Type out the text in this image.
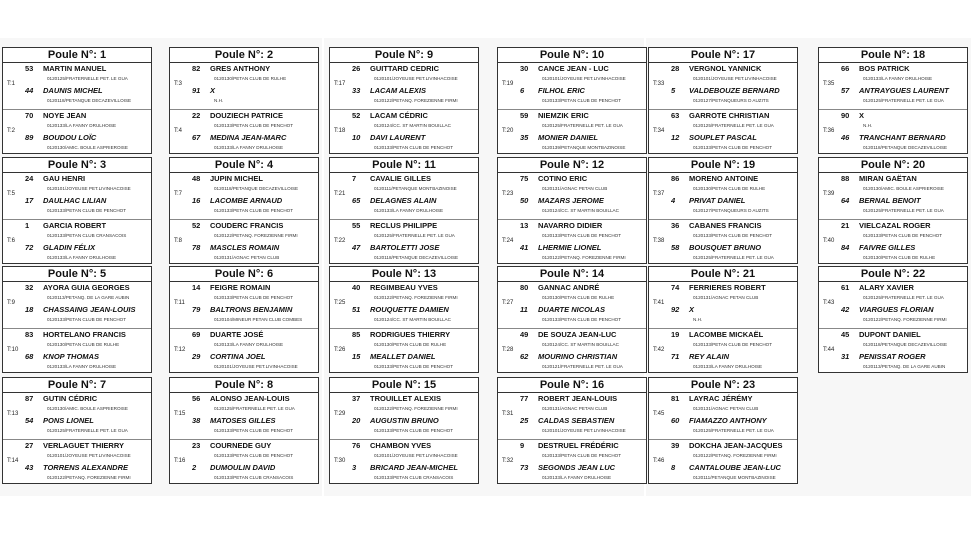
Poule N°: 1
T:1
53 MARTIN MANUEL
0120125/FRATERNELLE PET. LE GUA
44 DAUNIS MICHEL
0120118/PETANQUE DECAZEVILLOISE
T:2
70 NOYE JEAN
0120133/LA FANNY DRULHOISE
89 BOUDOU LOÏC
0120130/AMIC. BOULE ASPRIEROISE
Poule N°: 2
T:3
82 GRES ANTHONY
0120130/PETAN CLUB DE RULHE
91 X
N.H.
T:4
22 DOUZIECH PATRICE
0120133/PETAN CLUB DE PENCHOT
67 MEDINA JEAN-MARC
0120133/LA FANNY DRULHOISE
Poule N°: 9
T:17
26 GUITTARD CEDRIC
0120101/JOYEUSE PET.LIVINHACOISE
33 LACAM ALEXIS
0120122/PETANQ. FOREZIENNE FIRMI
T:18
52 LACAM CÉDRIC
0120124/CC. ST MARTIN BOUILLAC
10 DAVI LAURENT
0120133/PETAN CLUB DE PENCHOT
Poule N°: 10
T:19
30 CANCE JEAN - LUC
0120101/JOYEUSE PET.LIVINHACOISE
6 FILHOL ERIC
0120133/PETAN CLUB DE PENCHOT
T:20
59 NIEMZIK ERIC
0120125/FRATERNELLE PET. LE GUA
35 MONIER DANIEL
0120139/PETANQUE MONTBAZINOISE
Poule N°: 17
T:33
28 VERGNOL YANNICK
0120101/JOYEUSE PET.LIVINHACOISE
5 VALDEBOUZE BERNARD
0120127/PETANQUEURS D AUZITS
T:34
63 GARROTE CHRISTIAN
0120125/FRATERNELLE PET. LE GUA
12 SOUPLET PASCAL
0120133/PETAN CLUB DE PENCHOT
Poule N°: 18
T:35
66 BOS PATRICK
0120133/LA FANNY DRULHOISE
57 ANTRAYGUES LAURENT
0120125/FRATERNELLE PET. LE GUA
T:36
90 X
N.H.
46 TRANCHANT BERNARD
0120118/PETANQUE DECAZEVILLOISE
Poule N°: 3
T:5
24 GAU HENRI
0120101/JOYEUSE PET.LIVINHACOISE
17 DAULHAC LILIAN
0120133/PETAN CLUB DE PENCHOT
T:6
1 GARCIA ROBERT
0120133/PETAN CLUB CRANSACOIS
72 GLADIN FÉLIX
0120133/LA FANNY DRULHOISE
Poule N°: 4
T:7
48 JUPIN MICHEL
0120118/PETANQUE DECAZEVILLOISE
16 LACOMBE ARNAUD
0120133/PETAN CLUB DE PENCHOT
T:8
52 COUDERC FRANCIS
0120122/PETANQ. FOREZIENNE FIRMI
78 MASCLES ROMAIN
0120131/AGNAC PETAN CLUB
Poule N°: 11
T:21
7 CAVALIE GILLES
0120111/PETANQUE MONTBAZINOISE
65 DELAGNES ALAIN
0120133/LA FANNY DRULHOISE
T:22
55 RECLUS PHILIPPE
0120125/FRATERNELLE PET. LE GUA
47 BARTOLETTI JOSE
0120118/PETANQUE DECAZEVILLOISE
Poule N°: 12
T:23
75 COTINO ERIC
0120131/AGNAC PETAN CLUB
50 MAZARS JEROME
0120124/CC. ST MARTIN BOUILLAC
T:24
13 NAVARRO DIDIER
0120133/PETAN CLUB DE PENCHOT
41 LHERMIE LIONEL
0120122/PETANQ. FOREZIENNE FIRMI
Poule N°: 19
T:37
86 MORENO ANTOINE
0120130/PETAN CLUB DE RULHE
4 PRIVAT DANIEL
0120127/PETANQUEURS D AUZITS
T:38
36 CABANES FRANCIS
0120133/PETAN CLUB DE PENCHOT
58 BOUSQUET BRUNO
0120125/FRATERNELLE PET. LE GUA
Poule N°: 20
T:39
88 MIRAN GAËTAN
0120130/AMIC. BOULE ASPRIEROISE
64 BERNAL BENOIT
0120125/FRATERNELLE PET. LE GUA
T:40
21 VIELCAZAL ROGER
0120133/PETAN CLUB DE PENCHOT
84 FAIVRE GILLES
0120130/PETAN CLUB DE RULHE
Poule N°: 5
T:9
32 AYORA GUIA GEORGES
0120113/PETANQ. DE LA GARE AUBIN
18 CHASSAING JEAN-LOUIS
0120133/PETAN CLUB DE PENCHOT
T:10
83 HORTELANO FRANCIS
0120130/PETAN CLUB DE RULHE
68 KNOP THOMAS
0120133/LA FANNY DRULHOISE
Poule N°: 6
T:11
14 FEIGRE ROMAIN
0120133/PETAN CLUB DE PENCHOT
79 BALTRONS BENJAMIN
0120104/MINEUR PETAN CLUB COMBES
T:12
69 DUARTE JOSÉ
0120133/LA FANNY DRULHOISE
29 CORTINA JOEL
0120101/JOYEUSE PET.LIVINHACOISE
Poule N°: 13
T:25
40 REGIMBEAU YVES
0120122/PETANQ. FOREZIENNE FIRMI
51 ROUQUETTE DAMIEN
0120124/CC. ST MARTIN BOUILLAC
T:26
85 RODRIGUES THIERRY
0120130/PETAN CLUB DE RULHE
15 MEALLET DANIEL
0120133/PETAN CLUB DE PENCHOT
Poule N°: 14
T:27
80 GANNAC ANDRÉ
0120130/PETAN CLUB DE RULHE
11 DUARTE NICOLAS
0120133/PETAN CLUB DE PENCHOT
T:28
49 DE SOUZA JEAN-LUC
0120124/CC. ST MARTIN BOUILLAC
62 MOURINO CHRISTIAN
0120121/FRATERNELLE PET. LE GUA
Poule N°: 21
T:41
74 FERRIERES ROBERT
0120131/AGNAC PETAN CLUB
92 X
N.H.
T:42
19 LACOMBE MICKAËL
0120133/PETAN CLUB DE PENCHOT
71 REY ALAIN
0120133/LA FANNY DRULHOISE
Poule N°: 22
T:43
61 ALARY XAVIER
0120125/FRATERNELLE PET. LE GUA
42 VIARGUES FLORIAN
0120122/PETANQ. FOREZIENNE FIRMI
T:44
45 DUPONT DANIEL
0120118/PETANQUE DECAZEVILLOISE
31 PENISSAT ROGER
0120113/PETANQ. DE LA GARE AUBIN
Poule N°: 7
T:13
87 GUTIN CÉDRIC
0120130/AMIC. BOULE ASPRIEROISE
54 PONS LIONEL
0120125/FRATERNELLE PET. LE GUA
T:14
27 VERLAGUET THIERRY
0120101/JOYEUSE PET.LIVINHACOISE
43 TORRENS ALEXANDRE
0120122/PETANQ. FOREZIENNE FIRMI
Poule N°: 8
T:15
56 ALONSO JEAN-LOUIS
0120125/FRATERNELLE PET. LE GUA
38 MATOSES GILLES
0120133/PETAN CLUB DE PENCHOT
T:16
23 COURNEDE GUY
0120133/PETAN CLUB DE PENCHOT
2 DUMOULIN DAVID
0120133/PETAN CLUB CRANSACOIS
Poule N°: 15
T:29
37 TROUILLET ALEXIS
0120122/PETANQ. FOREZIENNE FIRMI
20 AUGUSTIN BRUNO
0120133/PETAN CLUB DE PENCHOT
T:30
76 CHAMBON YVES
0120101/JOYEUSE PET.LIVINHACOISE
3 BRICARD JEAN-MICHEL
0120133/PETAN CLUB CRANSACOIS
Poule N°: 16
T:31
77 ROBERT JEAN-LOUIS
0120131/AGNAC PETAN CLUB
25 CALDAS SEBASTIEN
0120101/JOYEUSE PET.LIVINHACOISE
T:32
9 DESTRUEL FRÉDÉRIC
0120133/PETAN CLUB DE PENCHOT
73 SEGONDS JEAN LUC
0120133/LA FANNY DRULHOISE
Poule N°: 23
T:45
81 LAYRAC JÉRÉMY
0120131/AGNAC PETAN CLUB
60 FIAMAZZO ANTHONY
0120125/FRATERNELLE PET. LE GUA
T:46
39 DOKCHA JEAN-JACQUES
0120122/PETANQ. FOREZIENNE FIRMI
8 CANTALOUBE JEAN-LUC
0120111/PETANQUE MONTBAZINOISE
